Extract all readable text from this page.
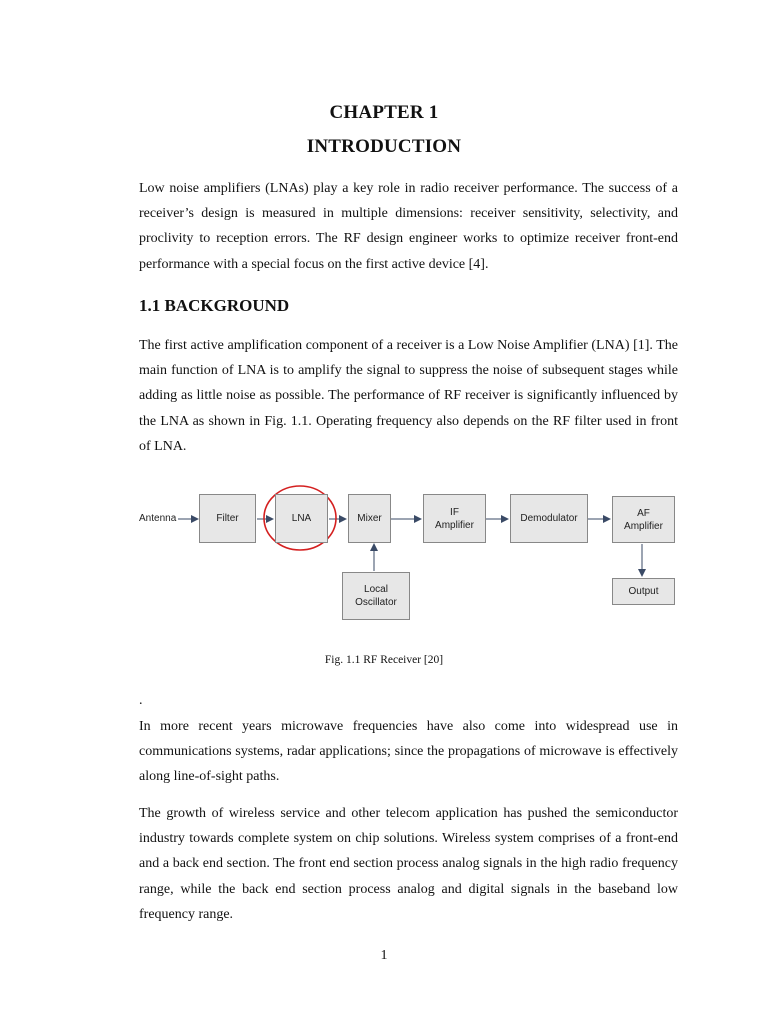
CHAPTER 1
INTRODUCTION

Low noise amplifiers (LNAs) play a key role in radio receiver performance. The success of a receiver’s design is measured in multiple dimensions: receiver sensitivity, selectivity, and proclivity to reception errors. The RF design engineer works to optimize receiver front-end performance with a special focus on the first active device [4].

1.1 BACKGROUND

The first active amplification component of a receiver is a Low Noise Amplifier (LNA) [1]. The main function of LNA is to amplify the signal to suppress the noise of subsequent stages while adding as little noise as possible. The performance of RF receiver is significantly influenced by the LNA as shown in Fig. 1.1. Operating frequency also depends on the RF filter used in front of LNA.

Antenna	Filter	LNA	Mixer
IF
Amplifier
Demodulator	AF
Amplifier
Local
Oscillator
Output
Fig. 1.1 RF Receiver [20]
.

In more recent years microwave frequencies have also come into widespread use in communications systems, radar applications; since the propagations of microwave is effectively along line-of-sight paths.

The growth of wireless service and other telecom application has pushed the semiconductor industry towards complete system on chip solutions. Wireless system comprises of a front-end and a back end section. The front end section process analog signals in the high radio frequency range, while the back end section process analog and digital signals in the baseband low frequency range.

1
